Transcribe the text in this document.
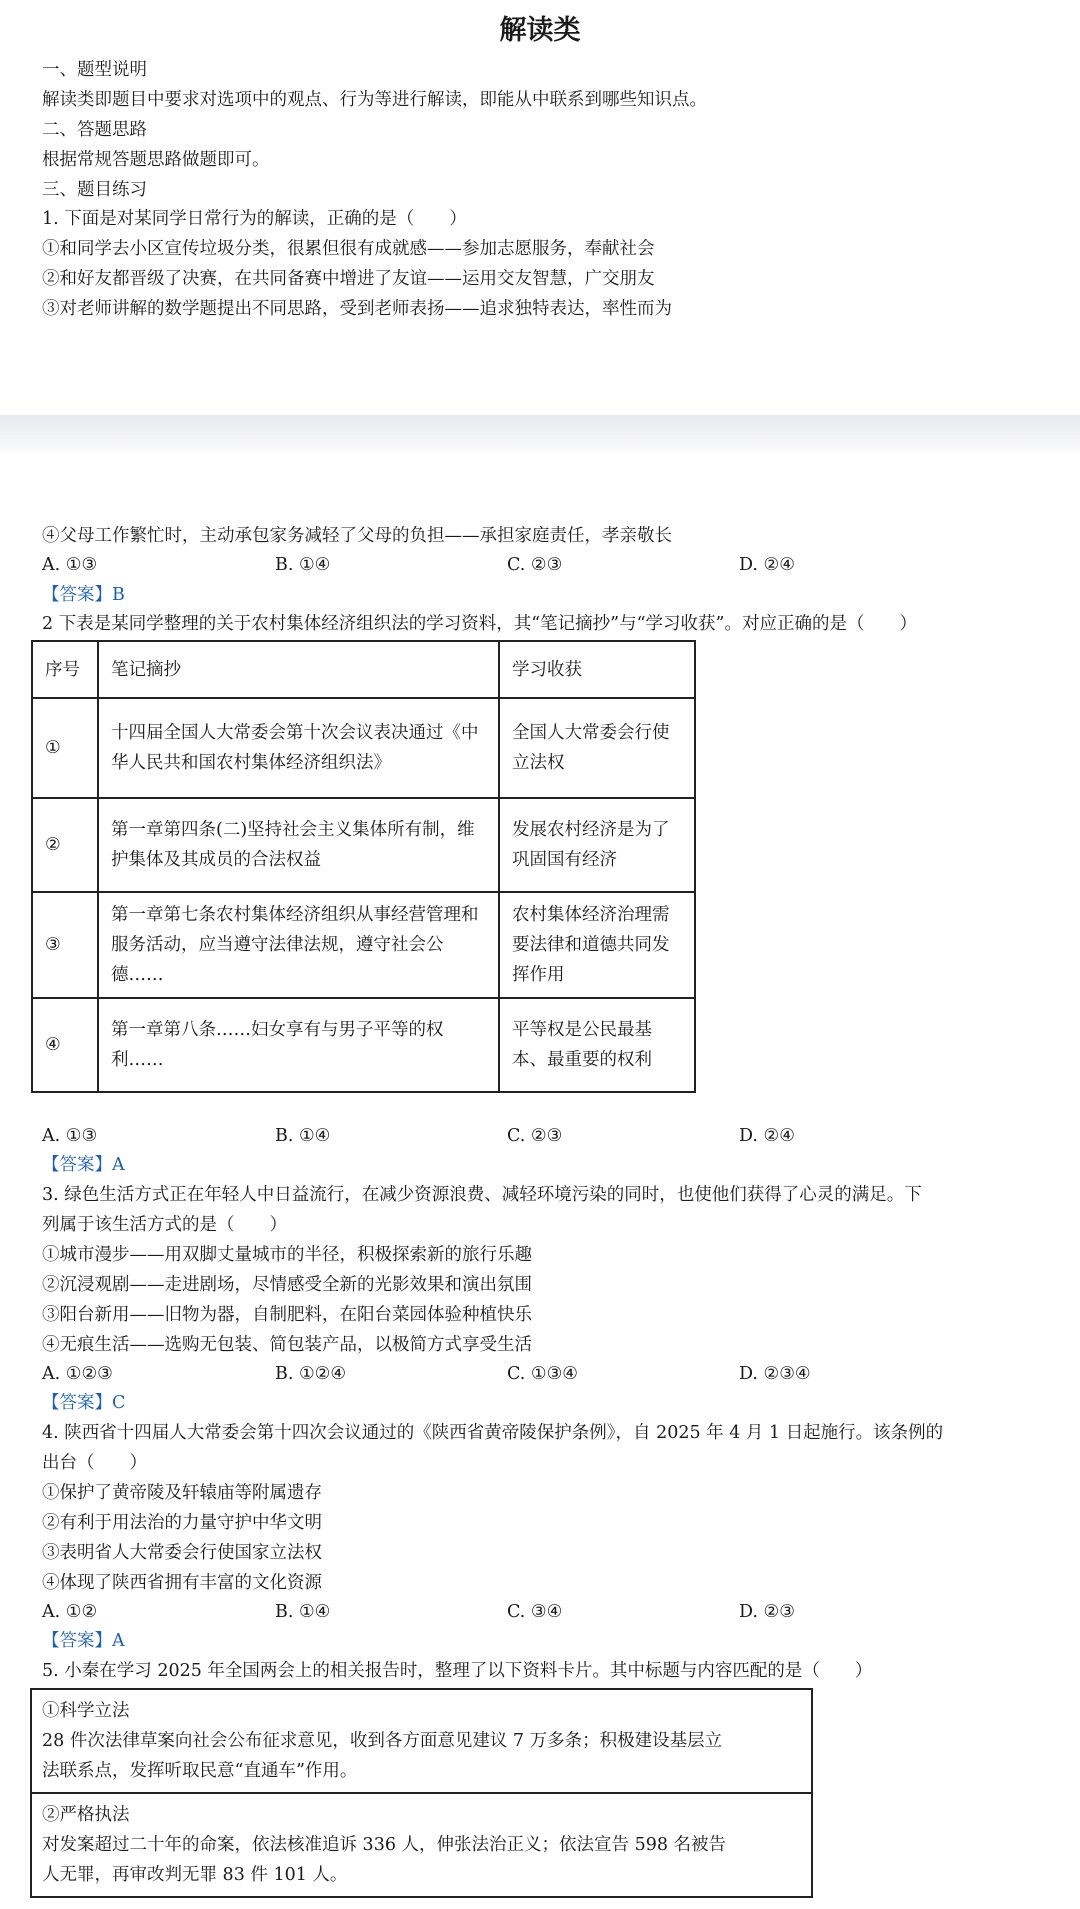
解读类
一、题型说明
解读类即题目中要求对选项中的观点、行为等进行解读，即能从中联系到哪些知识点。
二、答题思路
根据常规答题思路做题即可。
三、题目练习
1. 下面是对某同学日常行为的解读，正确的是（　　）
①和同学去小区宣传垃圾分类，很累但很有成就感——参加志愿服务，奉献社会
②和好友都晋级了决赛，在共同备赛中增进了友谊——运用交友智慧，广交朋友
③对老师讲解的数学题提出不同思路，受到老师表扬——追求独特表达，率性而为
④父母工作繁忙时，主动承包家务减轻了父母的负担——承担家庭责任，孝亲敬长
A. ①③	B. ①④	C. ②③	D. ②④
【答案】B
2 下表是某同学整理的关于农村集体经济组织法的学习资料，其“笔记摘抄”与“学习收获”。对应正确的是（　　）
序号	笔记摘抄	学习收获
①	十四届全国人大常委会第十次会议表决通过《中华人民共和国农村集体经济组织法》	全国人大常委会行使立法权
②	第一章第四条(二)坚持社会主义集体所有制，维护集体及其成员的合法权益	发展农村经济是为了巩固国有经济
③	第一章第七条农村集体经济组织从事经营管理和服务活动，应当遵守法律法规，遵守社会公德……	农村集体经济治理需要法律和道德共同发挥作用
④	第一章第八条……妇女享有与男子平等的权利……	平等权是公民最基本、最重要的权利
A. ①③	B. ①④	C. ②③	D. ②④
【答案】A
3. 绿色生活方式正在年轻人中日益流行，在减少资源浪费、减轻环境污染的同时，也使他们获得了心灵的满足。下
列属于该生活方式的是（　　）
①城市漫步——用双脚丈量城市的半径，积极探索新的旅行乐趣
②沉浸观剧——走进剧场，尽情感受全新的光影效果和演出氛围
③阳台新用——旧物为器，自制肥料，在阳台菜园体验种植快乐
④无痕生活——选购无包装、简包装产品，以极简方式享受生活
A. ①②③	B. ①②④	C. ①③④	D. ②③④
【答案】C
4. 陕西省十四届人大常委会第十四次会议通过的《陕西省黄帝陵保护条例》，自 2025 年 4 月 1 日起施行。该条例的
出台（　　）
①保护了黄帝陵及轩辕庙等附属遗存
②有利于用法治的力量守护中华文明
③表明省人大常委会行使国家立法权
④体现了陕西省拥有丰富的文化资源
A. ①②	B. ①④	C. ③④	D. ②③
【答案】A
5. 小秦在学习 2025 年全国两会上的相关报告时，整理了以下资料卡片。其中标题与内容匹配的是（　　）
①科学立法
28 件次法律草案向社会公布征求意见，收到各方面意见建议 7 万多条；积极建设基层立
法联系点，发挥听取民意“直通车”作用。
②严格执法
对发案超过二十年的命案，依法核准追诉 336 人，伸张法治正义；依法宣告 598 名被告
人无罪，再审改判无罪 83 件 101 人。
